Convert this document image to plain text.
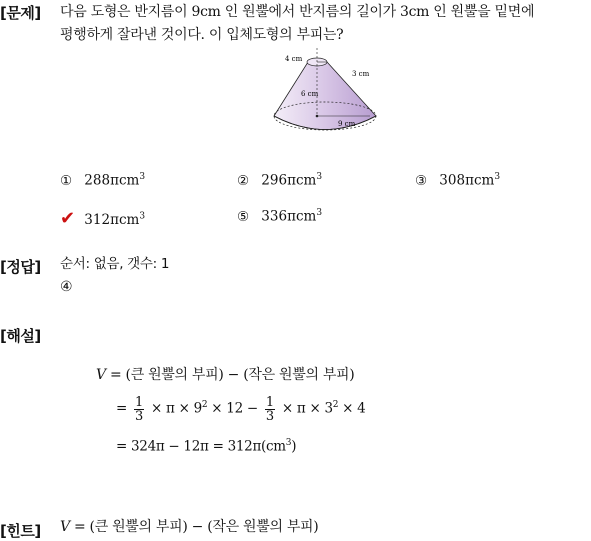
[문제] 다음 도형은 반지름이 9cm 인 원뿔에서 반지름의 길이가 3cm 인 원뿔을 밑면에
평행하게 잘라낸 것이다. 이 입체도형의 부피는?
4 cm
3 cm
6 cm
9 cm
① 288πcm$^3$	② 296πcm$^3$	③ 308πcm$^3$
✔ 312πcm$^3$	⑤ 336πcm$^3$
[정답] 순서: 없음, 갯수: 1
④
[해설]
V = (큰 원뿔의 부피) − (작은 원뿔의 부피)
= $\frac{1}{3} \times \pi \times 9^2 \times 12 - \frac{1}{3} \times \pi \times 3^2 \times 4$
= $324\pi - 12\pi = 312\pi(cm^3)$
[힌트] V = (큰 원뿔의 부피) − (작은 원뿔의 부피)
